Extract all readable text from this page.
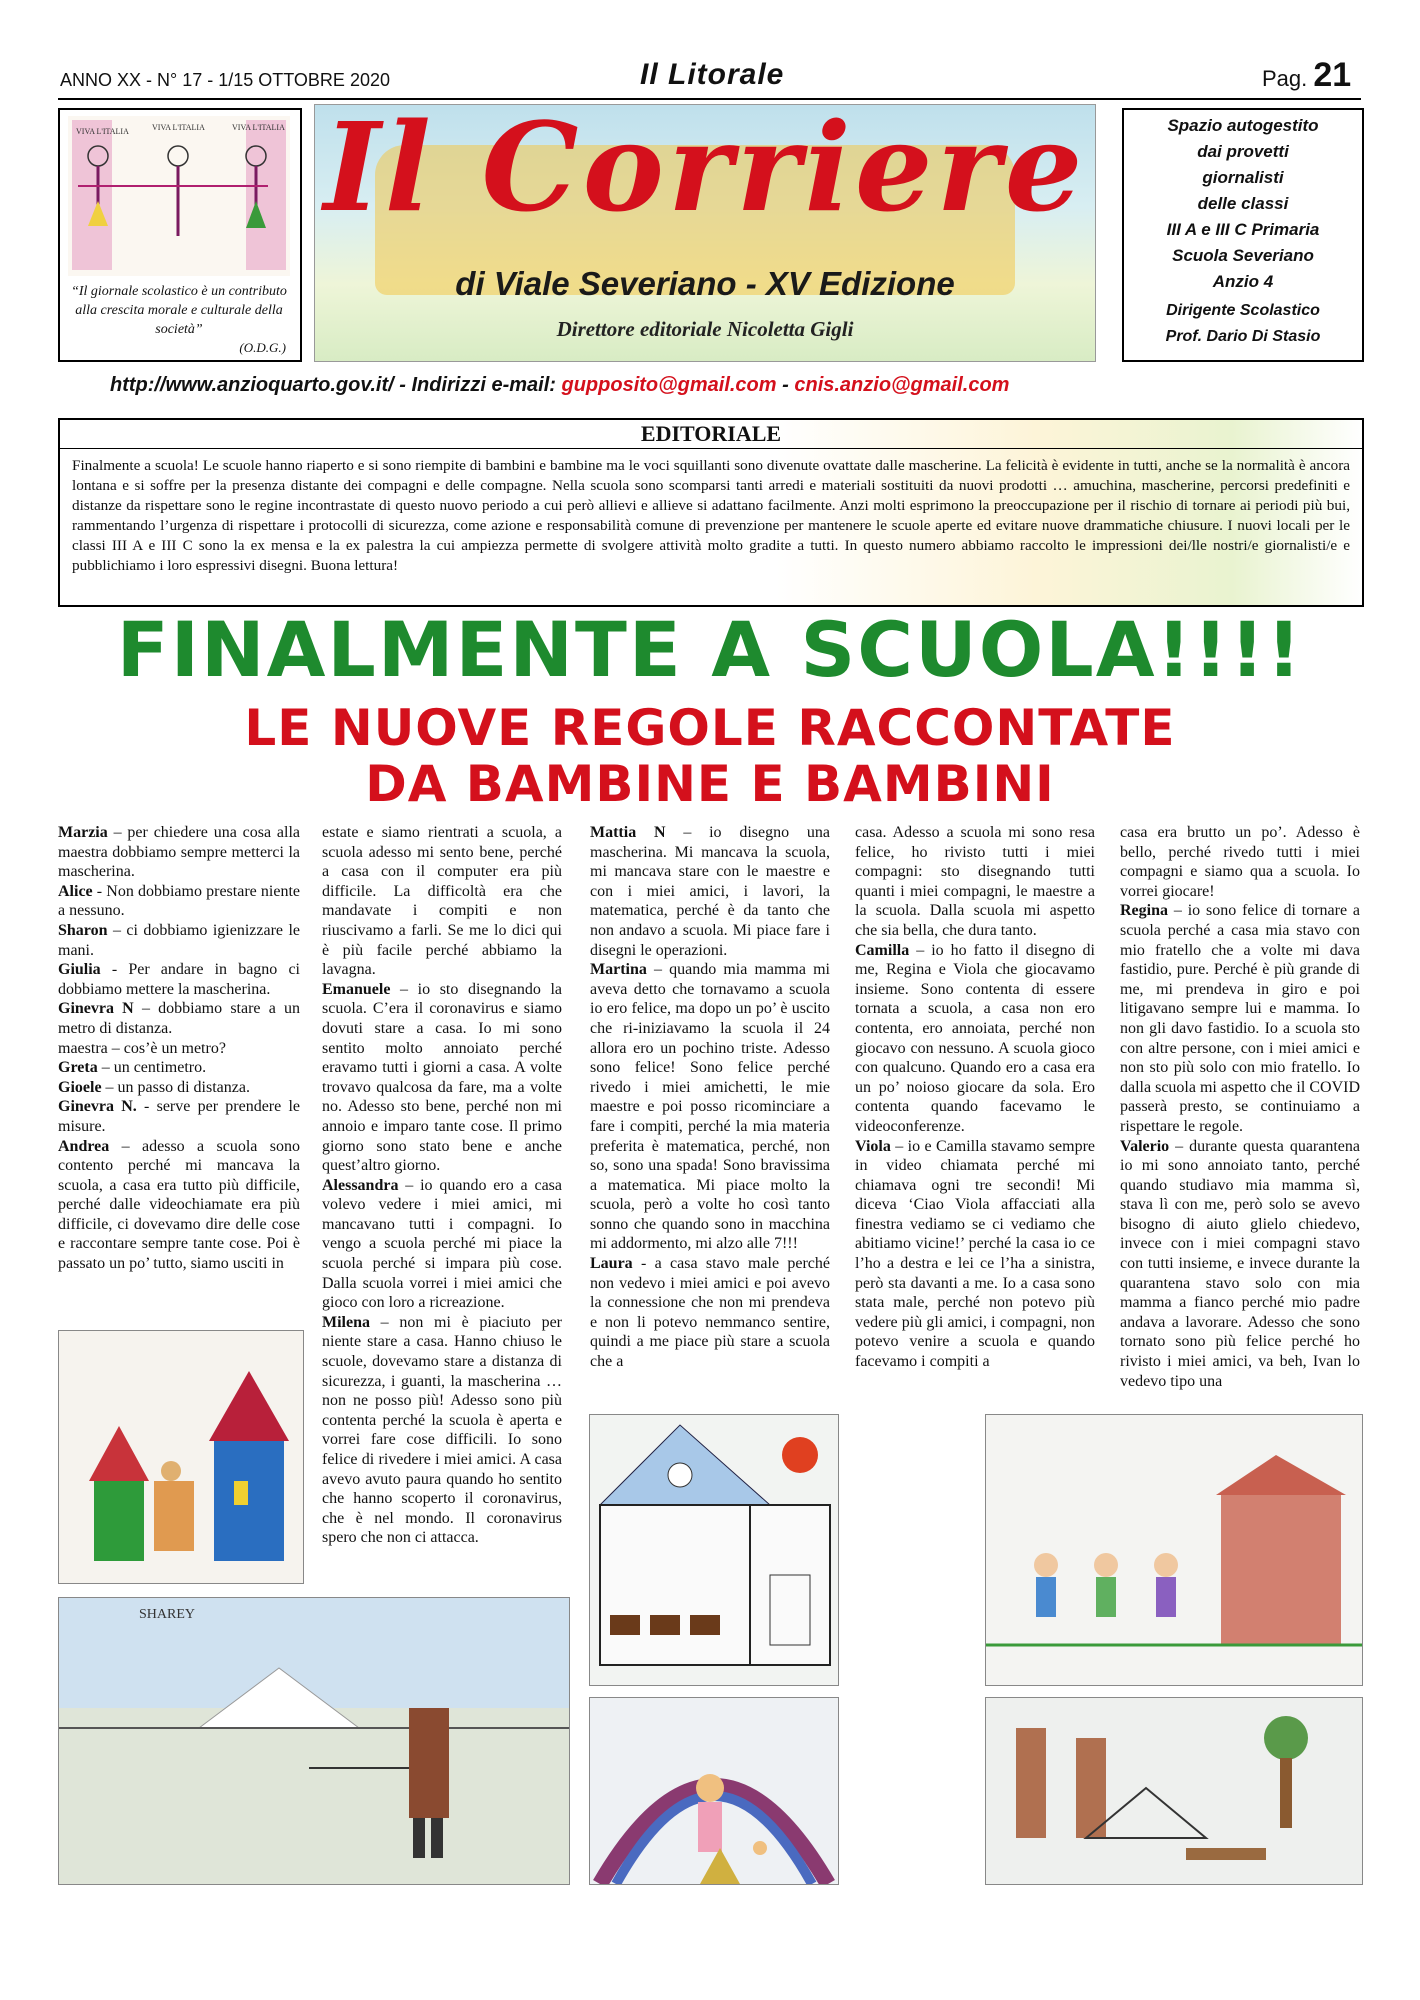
ANNO XX - N° 17 - 1/15 OTTOBRE 2020	Il Litorale	Pag. 21
VIVA L'ITALIA	VIVA L'ITALIA	VIVA L'ITALIA
“Il giornale scolastico è un contributo alla crescita morale e culturale della società”
(O.D.G.)
Il Corriere
di Viale Severiano - XV Edizione
Direttore editoriale Nicoletta Gigli
Spazio autogestito
dai provetti
giornalisti
delle classi
III A e III C Primaria
Scuola Severiano
Anzio 4
Dirigente Scolastico
Prof. Dario Di Stasio
http://www.anzioquarto.gov.it/ - Indirizzi e-mail: gupposito@gmail.com - cnis.anzio@gmail.com
EDITORIALE
Finalmente a scuola! Le scuole hanno riaperto e si sono riempite di bambini e bambine ma le voci squillanti sono divenute ovattate dalle mascherine. La felicità è evidente in tutti, anche se la normalità è ancora lontana e si soffre per la presenza distante dei compagni e delle compagne. Nella scuola sono scomparsi tanti arredi e materiali sostituiti da nuovi prodotti … amuchina, mascherine, percorsi predefiniti e distanze da rispettare sono le regine incontrastate di questo nuovo periodo a cui però allievi e allieve si adattano facilmente. Anzi molti esprimono la preoccupazione per il rischio di tornare ai periodi più bui, rammentando l’urgenza di rispettare i protocolli di sicurezza, come azione e responsabilità comune di prevenzione per mantenere le scuole aperte ed evitare nuove drammatiche chiusure. I nuovi locali per le classi III A e III C sono la ex mensa e la ex palestra la cui ampiezza permette di svolgere attività molto gradite a tutti. In questo numero abbiamo raccolto le impressioni dei/lle nostri/e giornalisti/e e pubblichiamo i loro espressivi disegni. Buona lettura!
FINALMENTE A SCUOLA!!!!
LE NUOVE REGOLE RACCONTATE
DA BAMBINE E BAMBINI

Marzia – per chiedere una cosa alla maestra dobbiamo sempre metterci la mascherina.

Alice - Non dobbiamo prestare niente a nessuno.

Sharon – ci dobbiamo igienizzare le mani.

Giulia - Per andare in bagno ci dobbiamo mettere la mascherina.

Ginevra N – dobbiamo stare a un metro di distanza.

maestra – cos’è un metro?

Greta – un centimetro.

Gioele – un passo di distanza.

Ginevra N. - serve per prendere le misure.

Andrea – adesso a scuola sono contento perché mi mancava la scuola, a casa era tutto più difficile, perché dalle videochiamate era più difficile, ci dovevamo dire delle cose e raccontare sempre tante cose. Poi è passato un po’ tutto, siamo usciti in

estate e siamo rientrati a scuola, a scuola adesso mi sento bene, perché a casa con il computer era più difficile. La difficoltà era che mandavate i compiti e non riuscivamo a farli. Se me lo dici qui è più facile perché abbiamo la lavagna.

Emanuele – io sto disegnando la scuola. C’era il coronavirus e siamo dovuti stare a casa. Io mi sono sentito molto annoiato perché eravamo tutti i giorni a casa. A volte trovavo qualcosa da fare, ma a volte no. Adesso sto bene, perché non mi annoio e imparo tante cose. Il primo giorno sono stato bene e anche quest’altro giorno.

Alessandra – io quando ero a casa volevo vedere i miei amici, mi mancavano tutti i compagni. Io vengo a scuola perché mi piace la scuola perché si impara più cose. Dalla scuola vorrei i miei amici che gioco con loro a ricreazione.

Milena – non mi è piaciuto per niente stare a casa. Hanno chiuso le scuole, dovevamo stare a distanza di sicurezza, i guanti, la mascherina … non ne posso più! Adesso sono più contenta perché la scuola è aperta e vorrei fare cose difficili. Io sono felice di rivedere i miei amici. A casa avevo avuto paura quando ho sentito che hanno scoperto il coronavirus, che è nel mondo. Il coronavirus spero che non ci attacca.

Mattia N – io disegno una mascherina. Mi mancava la scuola, mi mancava stare con le maestre e con i miei amici, i lavori, la matematica, perché è da tanto che non andavo a scuola. Mi piace fare i disegni le operazioni.

Martina – quando mia mamma mi aveva detto che tornavamo a scuola io ero felice, ma dopo un po’ è uscito che ri-iniziavamo la scuola il 24 allora ero un pochino triste. Adesso sono felice! Sono felice perché rivedo i miei amichetti, le mie maestre e poi posso ricominciare a fare i compiti, perché la mia materia preferita è matematica, perché, non so, sono una spada! Sono bravissima a matematica. Mi piace molto la scuola, però a volte ho così tanto sonno che quando sono in macchina mi addormento, mi alzo alle 7!!!

Laura - a casa stavo male perché non vedevo i miei amici e poi avevo la connessione che non mi prendeva e non li potevo nemmanco sentire, quindi a me piace più stare a scuola che a

casa. Adesso a scuola mi sono resa felice, ho rivisto tutti i miei compagni: sto disegnando tutti quanti i miei compagni, le maestre a la scuola. Dalla scuola mi aspetto che sia bella, che dura tanto.

Camilla – io ho fatto il disegno di me, Regina e Viola che giocavamo insieme. Sono contenta di essere tornata a scuola, a casa non ero contenta, ero annoiata, perché non giocavo con nessuno. A scuola gioco con qualcuno. Quando ero a casa era un po’ noioso giocare da sola. Ero contenta quando facevamo le videoconferenze.

Viola – io e Camilla stavamo sempre in video chiamata perché mi chiamava ogni tre secondi! Mi diceva ‘Ciao Viola affacciati alla finestra vediamo se ci vediamo che abitiamo vicine!’ perché la casa io ce l’ho a destra e lei ce l’ha a sinistra, però sta davanti a me. Io a casa sono stata male, perché non potevo più vedere più gli amici, i compagni, non potevo venire a scuola e quando facevamo i compiti a

casa era brutto un po’. Adesso è bello, perché rivedo tutti i miei compagni e siamo qua a scuola. Io vorrei giocare!

Regina – io sono felice di tornare a scuola perché a casa mia stavo con mio fratello che a volte mi dava fastidio, pure. Perché è più grande di me, mi prendeva in giro e poi litigavano sempre lui e mamma. Io non gli davo fastidio. Io a scuola sto con altre persone, con i miei amici e non sto più solo con mio fratello. Io dalla scuola mi aspetto che il COVID passerà presto, se continuiamo a rispettare le regole.

Valerio – durante questa quarantena io mi sono annoiato tanto, perché quando studiavo mia mamma sì, stava lì con me, però solo se avevo bisogno di aiuto glielo chiedevo, invece con i miei compagni stavo con tutti insieme, e invece durante la quarantena stavo solo con mia mamma a fianco perché mio padre andava a lavorare. Adesso che sono tornato sono più felice perché ho rivisto i miei amici, va beh, Ivan lo vedevo tipo una

SHAREY
